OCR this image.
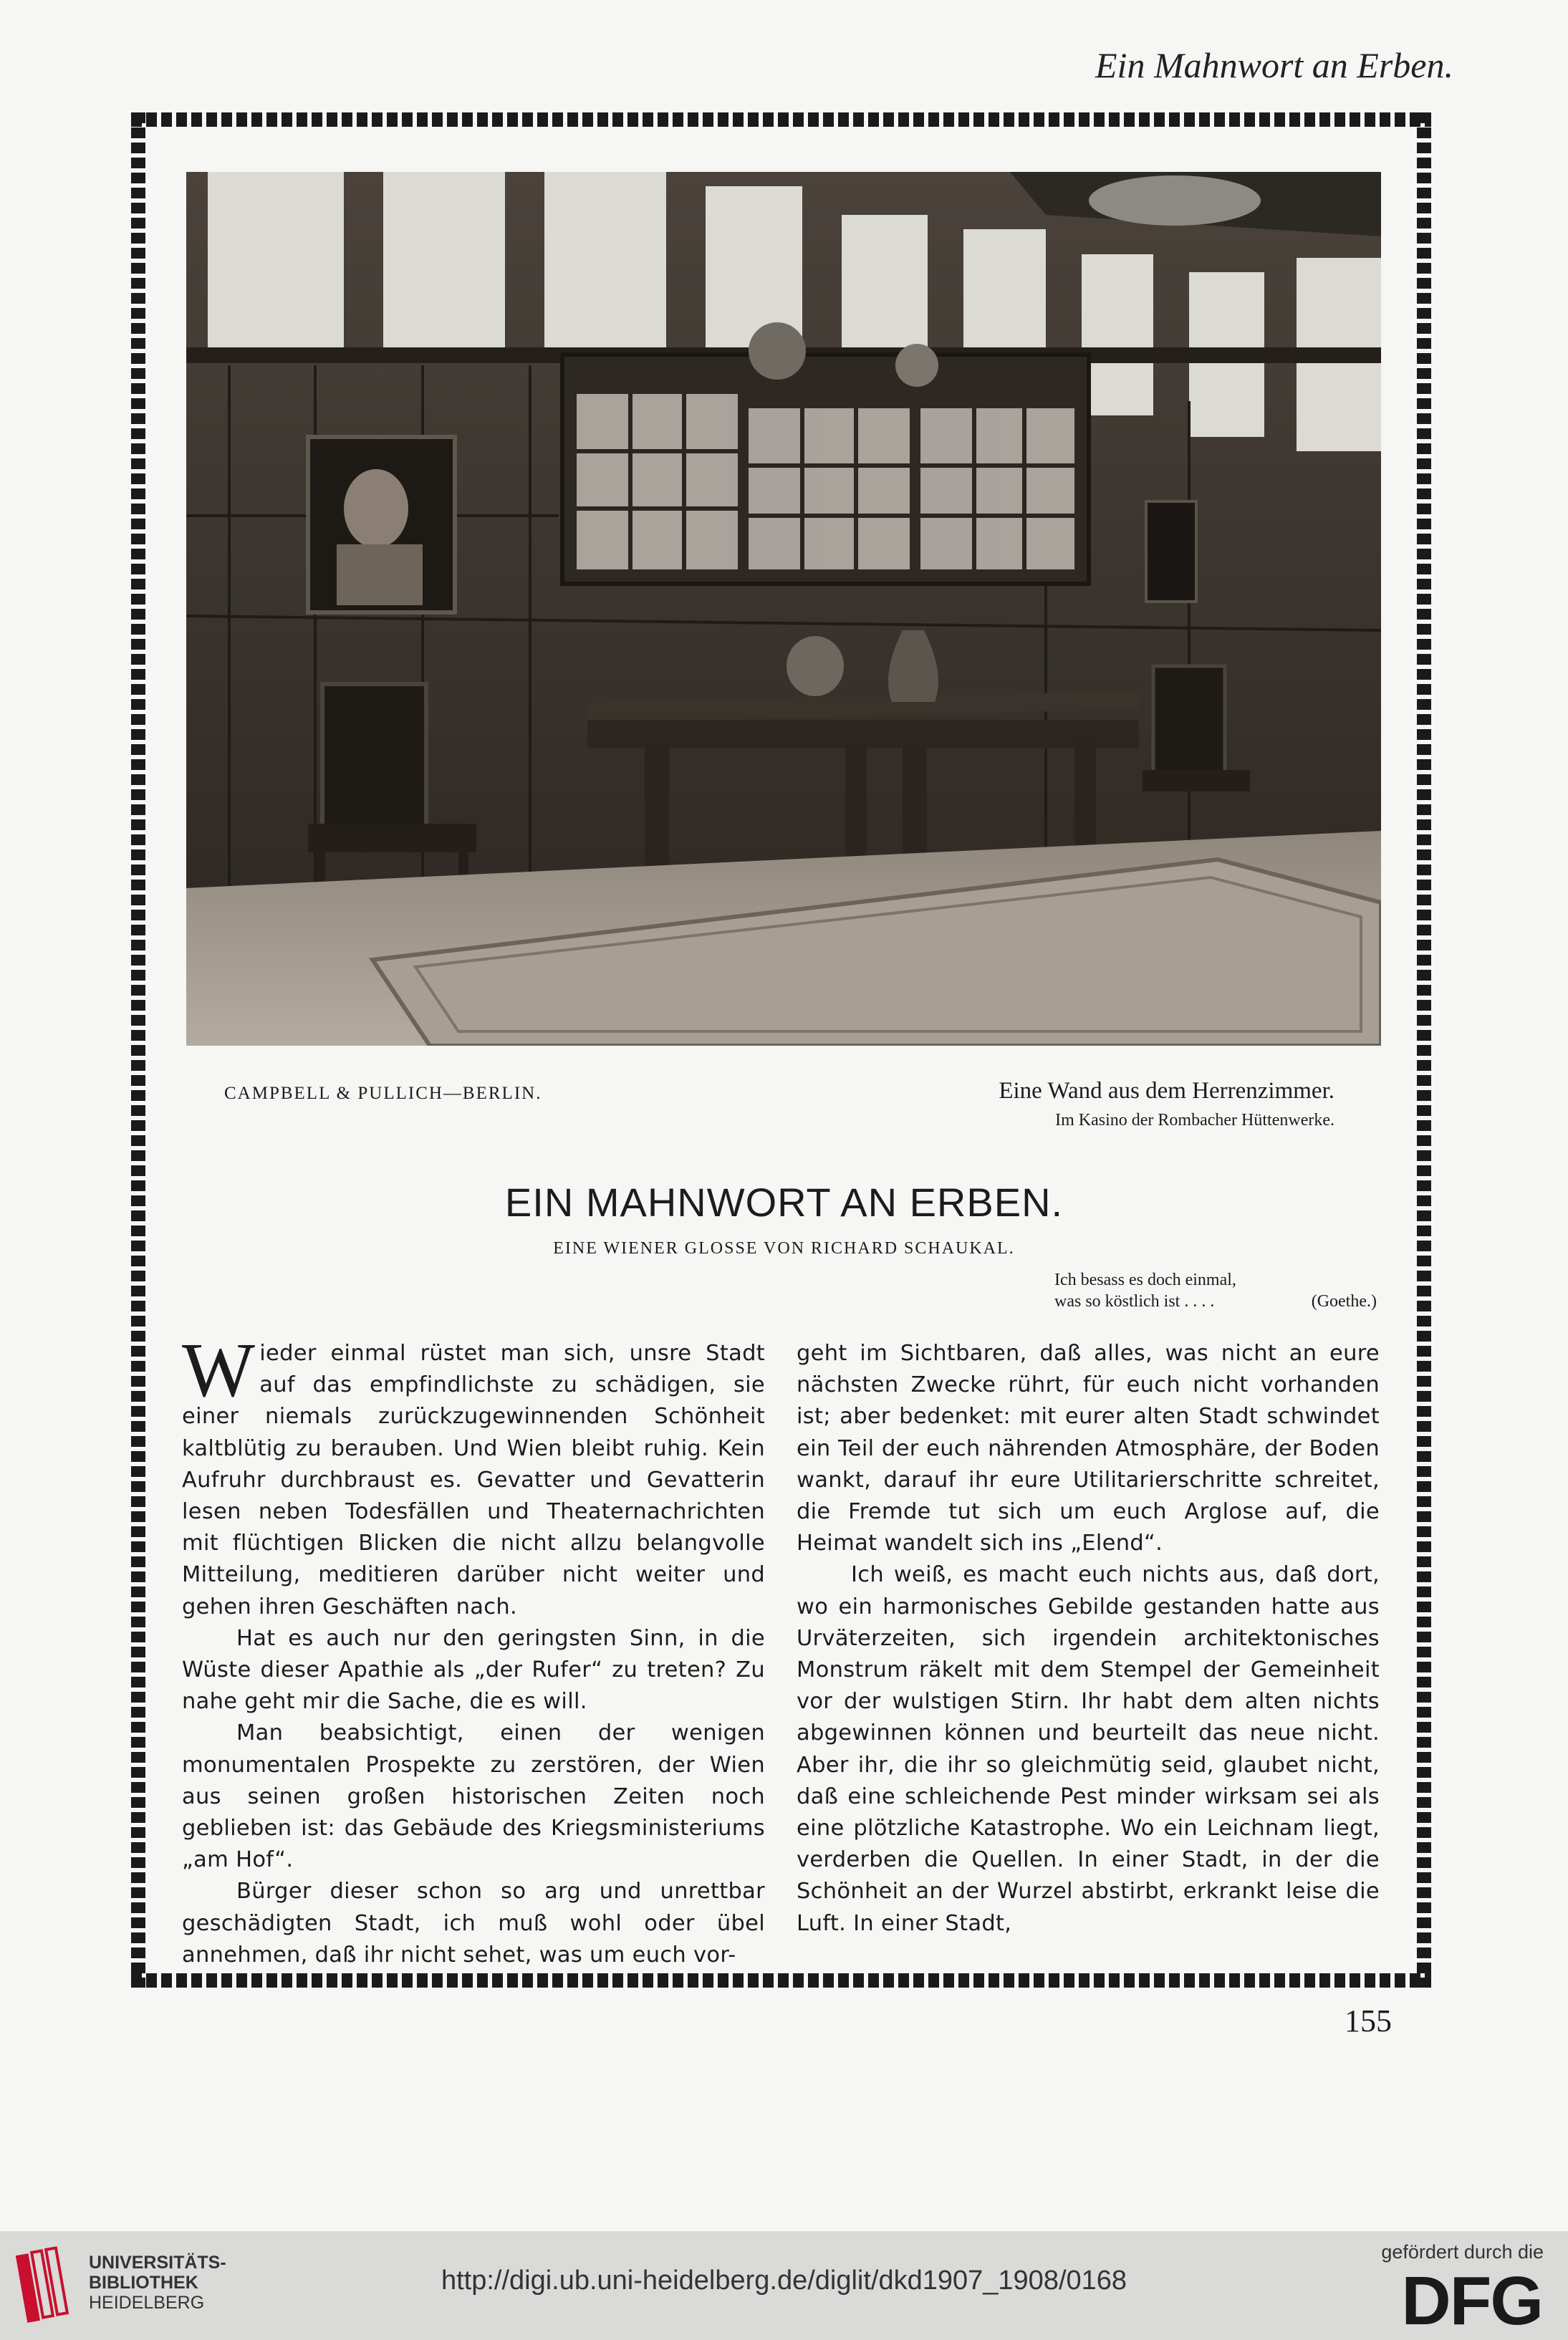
Ein Mahnwort an Erben.
CAMPBELL & PULLICH—BERLIN.	Eine Wand aus dem Herrenzimmer.
Im Kasino der Rombacher Hüttenwerke.
EIN MAHNWORT AN ERBEN.
EINE WIENER GLOSSE VON RICHARD SCHAUKAL.
Ich besass es doch einmal,
was so köstlich ist . . . .	(Goethe.)

Wieder einmal rüstet man sich, unsre Stadt auf das empfindlichste zu schädigen, sie einer niemals zurückzugewinnenden Schönheit kaltblütig zu berauben. Und Wien bleibt ruhig. Kein Aufruhr durchbraust es. Gevatter und Gevatterin lesen neben Todesfällen und Theaternachrichten mit flüchtigen Blicken die nicht allzu belangvolle Mitteilung, meditieren darüber nicht weiter und gehen ihren Geschäften nach.

Hat es auch nur den geringsten Sinn, in die Wüste dieser Apathie als „der Rufer“ zu treten? Zu nahe geht mir die Sache, die es will.

Man beabsichtigt, einen der wenigen monumentalen Prospekte zu zerstören, der Wien aus seinen großen historischen Zeiten noch geblieben ist: das Gebäude des Kriegsministeriums „am Hof“.

Bürger dieser schon so arg und unrettbar geschädigten Stadt, ich muß wohl oder übel annehmen, daß ihr nicht sehet, was um euch vor-

geht im Sichtbaren, daß alles, was nicht an eure nächsten Zwecke rührt, für euch nicht vorhanden ist; aber bedenket: mit eurer alten Stadt schwindet ein Teil der euch nährenden Atmosphäre, der Boden wankt, darauf ihr eure Utilitarierschritte schreitet, die Fremde tut sich um euch Arglose auf, die Heimat wandelt sich ins „Elend“.

Ich weiß, es macht euch nichts aus, daß dort, wo ein harmonisches Gebilde gestanden hatte aus Urväterzeiten, sich irgendein architektonisches Monstrum räkelt mit dem Stempel der Gemeinheit vor der wulstigen Stirn. Ihr habt dem alten nichts abgewinnen können und beurteilt das neue nicht. Aber ihr, die ihr so gleichmütig seid, glaubet nicht, daß eine schleichende Pest minder wirksam sei als eine plötzliche Katastrophe. Wo ein Leichnam liegt, verderben die Quellen. In einer Stadt, in der die Schönheit an der Wurzel abstirbt, erkrankt leise die Luft. In einer Stadt,

155
UNIVERSITÄTS-
BIBLIOTHEK
HEIDELBERG
http://digi.ub.uni-heidelberg.de/diglit/dkd1907_1908/0168
gefördert durch die
DFG
